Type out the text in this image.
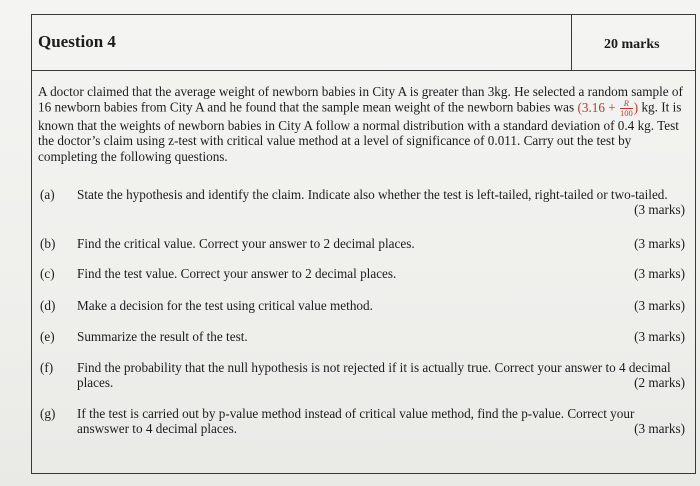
Question 4	20 marks
A doctor claimed that the average weight of newborn babies in City A is greater than 3kg. He selected a random sample of 16 newborn babies from City A and he found that the sample mean weight of the newborn babies was ($3.16 + \frac{R}{100}$ ) kg. It is known that the weights of newborn babies in City A follow a normal distribution with a standard deviation of 0.4 kg. Test the doctor’s claim using z-test with critical value method at a level of significance of 0.011. Carry out the test by completing the following questions.
(a) State the hypothesis and identify the claim. Indicate also whether the test is left-tailed, right-tailed or two-tailed.
(3 marks)
(b) Find the critical value. Correct your answer to 2 decimal places.	(3 marks)
(c) Find the test value. Correct your answer to 2 decimal places.	(3 marks)
(d) Make a decision for the test using critical value method.	(3 marks)
(e) Summarize the result of the test.	(3 marks)
(f) Find the probability that the null hypothesis is not rejected if it is actually true. Correct your answer to 4 decimal places.	(2 marks)
(g) If the test is carried out by p-value method instead of critical value method, find the p-value. Correct your answswer to 4 decimal places.	(3 marks)
